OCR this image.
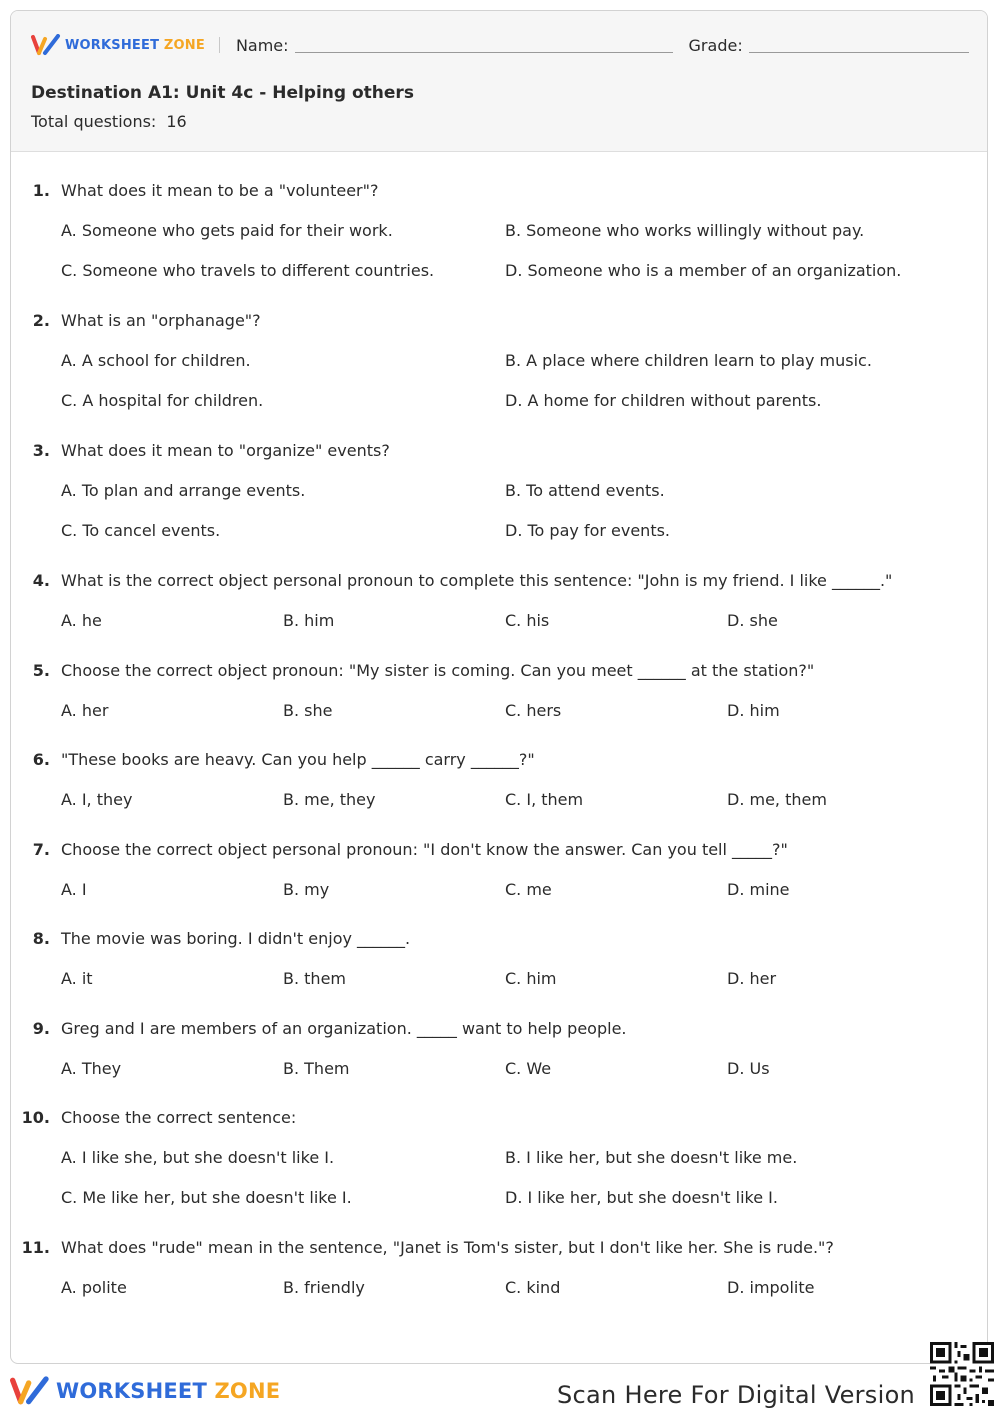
WORKSHEET ZONE Name:	Grade:
Destination A1: Unit 4c - Helping others
Total questions: 16
1. What does it mean to be a "volunteer"?
A. Someone who gets paid for their work.	B. Someone who works willingly without pay.
C. Someone who travels to different countries.	D. Someone who is a member of an organization.
2. What is an "orphanage"?
A. A school for children.	B. A place where children learn to play music.
C. A hospital for children.	D. A home for children without parents.
3. What does it mean to "organize" events?
A. To plan and arrange events.	B. To attend events.
C. To cancel events.	D. To pay for events.
4. What is the correct object personal pronoun to complete this sentence: "John is my friend. I like ______."
A. he	B. him	C. his	D. she
5. Choose the correct object pronoun: "My sister is coming. Can you meet ______ at the station?"
A. her	B. she	C. hers	D. him
6. "These books are heavy. Can you help ______ carry ______?"
A. I, they	B. me, they	C. I, them	D. me, them
7. Choose the correct object personal pronoun: "I don't know the answer. Can you tell _____?"
A. I	B. my	C. me	D. mine
8. The movie was boring. I didn't enjoy ______.
A. it	B. them	C. him	D. her
9. Greg and I are members of an organization. _____ want to help people.
A. They	B. Them	C. We	D. Us
10. Choose the correct sentence:
A. I like she, but she doesn't like I.	B. I like her, but she doesn't like me.
C. Me like her, but she doesn't like I.	D. I like her, but she doesn't like I.
11. What does "rude" mean in the sentence, "Janet is Tom's sister, but I don't like her. She is rude."?
A. polite	B. friendly	C. kind	D. impolite
WORKSHEET ZONE	Scan Here For Digital Version
